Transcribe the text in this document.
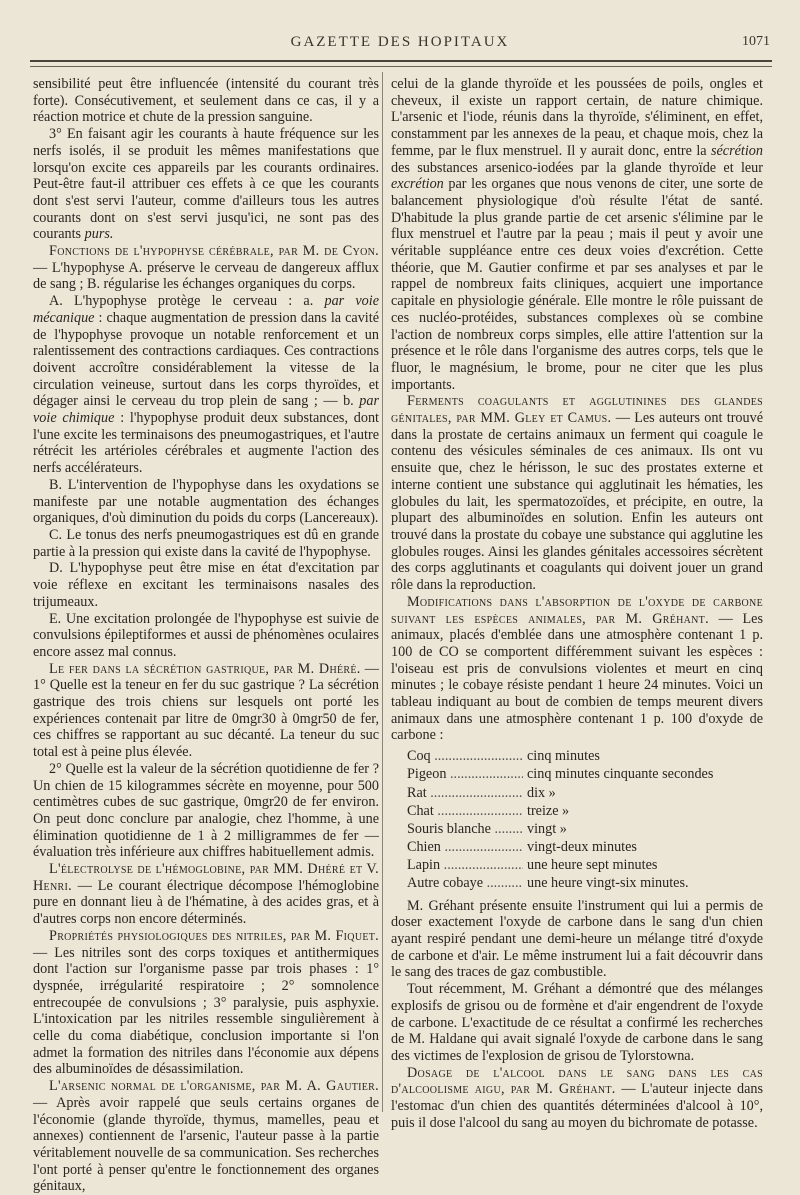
GAZETTE DES HOPITAUX	1071

sensibilité peut être influencée (intensité du courant très forte). Consécutivement, et seulement dans ce cas, il y a réaction motrice et chute de la pression sanguine.

3° En faisant agir les courants à haute fréquence sur les nerfs isolés, il se produit les mêmes manifestations que lorsqu'on excite ces appareils par les courants ordinaires. Peut-être faut-il attribuer ces effets à ce que les courants dont s'est servi l'auteur, comme d'ailleurs tous les autres courants dont on s'est servi jusqu'ici, ne sont pas des courants purs.

Fonctions de l'hypophyse cérébrale, par M. de Cyon. — L'hypophyse A. préserve le cerveau de dangereux afflux de sang ; B. régularise les échanges organiques du corps.

A. L'hypophyse protège le cerveau : a. par voie mécanique : chaque augmentation de pression dans la cavité de l'hypophyse provoque un notable renforcement et un ralentissement des contractions cardiaques. Ces contractions doivent accroître considérablement la vitesse de la circulation veineuse, surtout dans les corps thyroïdes, et dégager ainsi le cerveau du trop plein de sang ; — b. par voie chimique : l'hypophyse produit deux substances, dont l'une excite les terminaisons des pneumogastriques, et l'autre rétrécit les artérioles cérébrales et augmente l'action des nerfs accélérateurs.

B. L'intervention de l'hypophyse dans les oxydations se manifeste par une notable augmentation des échanges organiques, d'où diminution du poids du corps (Lancereaux).

C. Le tonus des nerfs pneumogastriques est dû en grande partie à la pression qui existe dans la cavité de l'hypophyse.

D. L'hypophyse peut être mise en état d'excitation par voie réflexe en excitant les terminaisons nasales des trijumeaux.

E. Une excitation prolongée de l'hypophyse est suivie de convulsions épileptiformes et aussi de phénomènes oculaires encore assez mal connus.

Le fer dans la sécrétion gastrique, par M. Dhéré. — 1° Quelle est la teneur en fer du suc gastrique ? La sécrétion gastrique des trois chiens sur lesquels ont porté les expériences contenait par litre de 0mgr30 à 0mgr50 de fer, ces chiffres se rapportant au suc décanté. La teneur du suc total est à peine plus élevée.

2° Quelle est la valeur de la sécrétion quotidienne de fer ? Un chien de 15 kilogrammes sécrète en moyenne, pour 500 centimètres cubes de suc gastrique, 0mgr20 de fer environ. On peut donc conclure par analogie, chez l'homme, à une élimination quotidienne de 1 à 2 milligrammes de fer — évaluation très inférieure aux chiffres habituellement admis.

L'électrolyse de l'hémoglobine, par MM. Dhéré et V. Henri. — Le courant électrique décompose l'hémoglobine pure en donnant lieu à de l'hématine, à des acides gras, et à d'autres corps non encore déterminés.

Propriétés physiologiques des nitriles, par M. Fiquet. — Les nitriles sont des corps toxiques et antithermiques dont l'action sur l'organisme passe par trois phases : 1° dyspnée, irrégularité respiratoire ; 2° somnolence entrecoupée de convulsions ; 3° paralysie, puis asphyxie. L'intoxication par les nitriles ressemble singulièrement à celle du coma diabétique, conclusion importante si l'on admet la formation des nitriles dans l'économie aux dépens des albuminoïdes de désassimilation.

L'arsenic normal de l'organisme, par M. A. Gautier. — Après avoir rappelé que seuls certains organes de l'économie (glande thyroïde, thymus, mamelles, peau et annexes) contiennent de l'arsenic, l'auteur passe à la partie véritablement nouvelle de sa communication. Ses recherches l'ont porté à penser qu'entre le fonctionnement des organes génitaux,

celui de la glande thyroïde et les poussées de poils, ongles et cheveux, il existe un rapport certain, de nature chimique. L'arsenic et l'iode, réunis dans la thyroïde, s'éliminent, en effet, constamment par les annexes de la peau, et chaque mois, chez la femme, par le flux menstruel. Il y aurait donc, entre la sécrétion des substances arsenico-iodées par la glande thyroïde et leur excrétion par les organes que nous venons de citer, une sorte de balancement physiologique d'où résulte l'état de santé. D'habitude la plus grande partie de cet arsenic s'élimine par le flux menstruel et l'autre par la peau ; mais il peut y avoir une véritable suppléance entre ces deux voies d'excrétion. Cette théorie, que M. Gautier confirme et par ses analyses et par le rappel de nombreux faits cliniques, acquiert une importance capitale en physiologie générale. Elle montre le rôle puissant de ces nucléo-protéides, substances complexes où se combine l'action de nombreux corps simples, elle attire l'attention sur la présence et le rôle dans l'organisme des autres corps, tels que le fluor, le magnésium, le brome, pour ne citer que les plus importants.

Ferments coagulants et agglutinines des glandes génitales, par MM. Gley et Camus. — Les auteurs ont trouvé dans la prostate de certains animaux un ferment qui coagule le contenu des vésicules séminales de ces animaux. Ils ont vu ensuite que, chez le hérisson, le suc des prostates externe et interne contient une substance qui agglutinait les hématies, les globules du lait, les spermatozoïdes, et précipite, en outre, la plupart des albuminoïdes en solution. Enfin les auteurs ont trouvé dans la prostate du cobaye une substance qui agglutine les globules rouges. Ainsi les glandes génitales accessoires sécrètent des corps agglutinants et coagulants qui doivent jouer un grand rôle dans la reproduction.

Modifications dans l'absorption de l'oxyde de carbone suivant les espèces animales, par M. Gréhant. — Les animaux, placés d'emblée dans une atmosphère contenant 1 p. 100 de CO se comportent différemment suivant les espèces : l'oiseau est pris de convulsions violentes et meurt en cinq minutes ; le cobaye résiste pendant 1 heure 24 minutes. Voici un tableau indiquant au bout de combien de temps meurent divers animaux dans une atmosphère contenant 1 p. 100 d'oxyde de carbone :

Coq .....	cinq minutes
Pigeon .....	cinq minutes cinquante secondes
Rat .....	dix »
Chat .....	treize »
Souris blanche .....	vingt »
Chien .....	vingt-deux minutes
Lapin .....	une heure sept minutes
Autre cobaye .....	une heure vingt-six minutes.

M. Gréhant présente ensuite l'instrument qui lui a permis de doser exactement l'oxyde de carbone dans le sang d'un chien ayant respiré pendant une demi-heure un mélange titré d'oxyde de carbone et d'air. Le même instrument lui a fait découvrir dans le sang des traces de gaz combustible.

Tout récemment, M. Gréhant a démontré que des mélanges explosifs de grisou ou de formène et d'air engendrent de l'oxyde de carbone. L'exactitude de ce résultat a confirmé les recherches de M. Haldane qui avait signalé l'oxyde de carbone dans le sang des victimes de l'explosion de grisou de Tylorstowna.

Dosage de l'alcool dans le sang dans les cas d'alcoolisme aigu, par M. Gréhant. — L'auteur injecte dans l'estomac d'un chien des quantités déterminées d'alcool à 10°, puis il dose l'alcool du sang au moyen du bichromate de potasse.
